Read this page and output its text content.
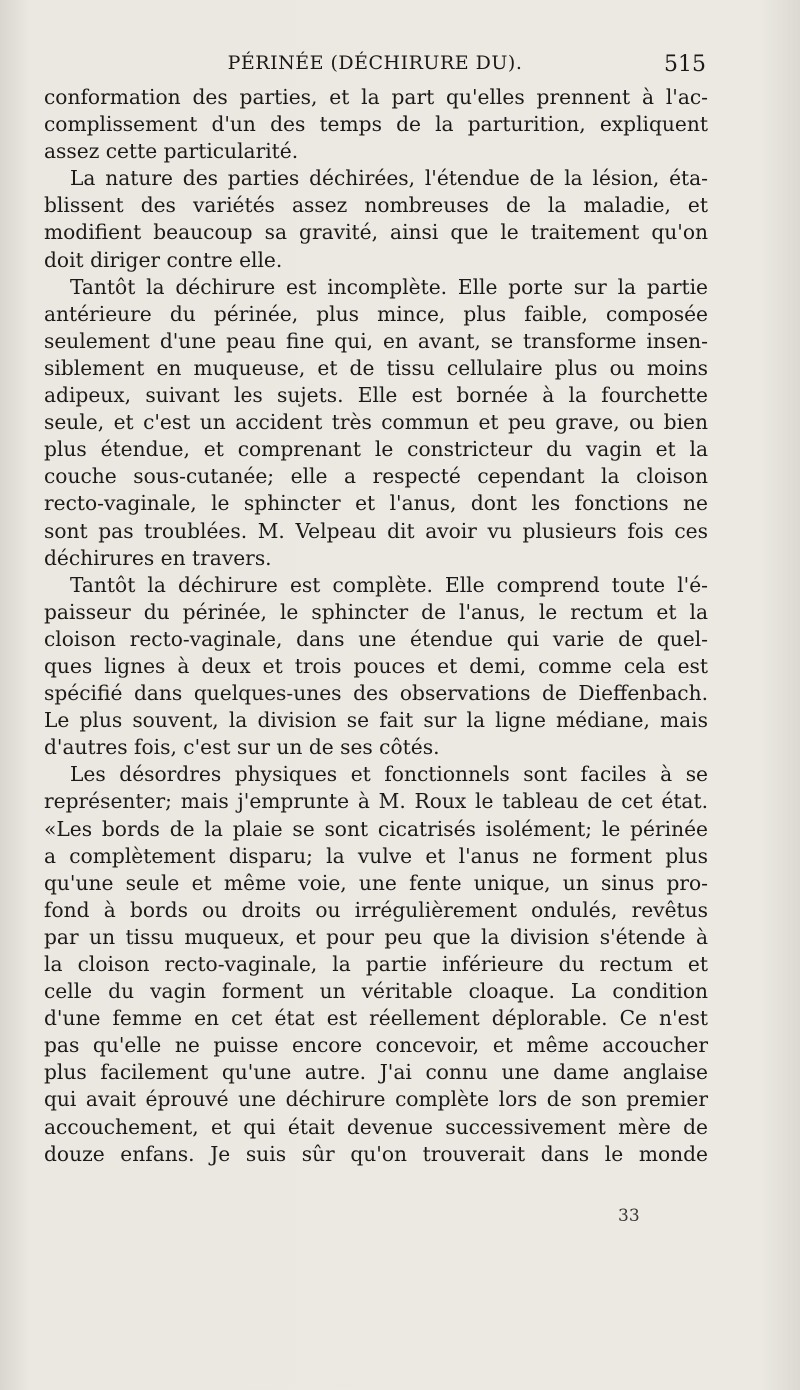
PÉRINÉE (DÉCHIRURE DU).	515
conformation des parties, et la part qu'elles prennent à l'ac-
complissement d'un des temps de la parturition, expliquent
assez cette particularité.
La nature des parties déchirées, l'étendue de la lésion, éta-
blissent des variétés assez nombreuses de la maladie, et
modifient beaucoup sa gravité, ainsi que le traitement qu'on
doit diriger contre elle.
Tantôt la déchirure est incomplète. Elle porte sur la partie
antérieure du périnée, plus mince, plus faible, composée
seulement d'une peau fine qui, en avant, se transforme insen-
siblement en muqueuse, et de tissu cellulaire plus ou moins
adipeux, suivant les sujets. Elle est bornée à la fourchette
seule, et c'est un accident très commun et peu grave, ou bien
plus étendue, et comprenant le constricteur du vagin et la
couche sous-cutanée; elle a respecté cependant la cloison
recto-vaginale, le sphincter et l'anus, dont les fonctions ne
sont pas troublées. M. Velpeau dit avoir vu plusieurs fois ces
déchirures en travers.
Tantôt la déchirure est complète. Elle comprend toute l'é-
paisseur du périnée, le sphincter de l'anus, le rectum et la
cloison recto-vaginale, dans une étendue qui varie de quel-
ques lignes à deux et trois pouces et demi, comme cela est
spécifié dans quelques-unes des observations de Dieffenbach.
Le plus souvent, la division se fait sur la ligne médiane, mais
d'autres fois, c'est sur un de ses côtés.
Les désordres physiques et fonctionnels sont faciles à se
représenter; mais j'emprunte à M. Roux le tableau de cet état.
«Les bords de la plaie se sont cicatrisés isolément; le périnée
a complètement disparu; la vulve et l'anus ne forment plus
qu'une seule et même voie, une fente unique, un sinus pro-
fond à bords ou droits ou irrégulièrement ondulés, revêtus
par un tissu muqueux, et pour peu que la division s'étende à
la cloison recto-vaginale, la partie inférieure du rectum et
celle du vagin forment un véritable cloaque. La condition
d'une femme en cet état est réellement déplorable. Ce n'est
pas qu'elle ne puisse encore concevoir, et même accoucher
plus facilement qu'une autre. J'ai connu une dame anglaise
qui avait éprouvé une déchirure complète lors de son premier
accouchement, et qui était devenue successivement mère de
douze enfans. Je suis sûr qu'on trouverait dans le monde
33
